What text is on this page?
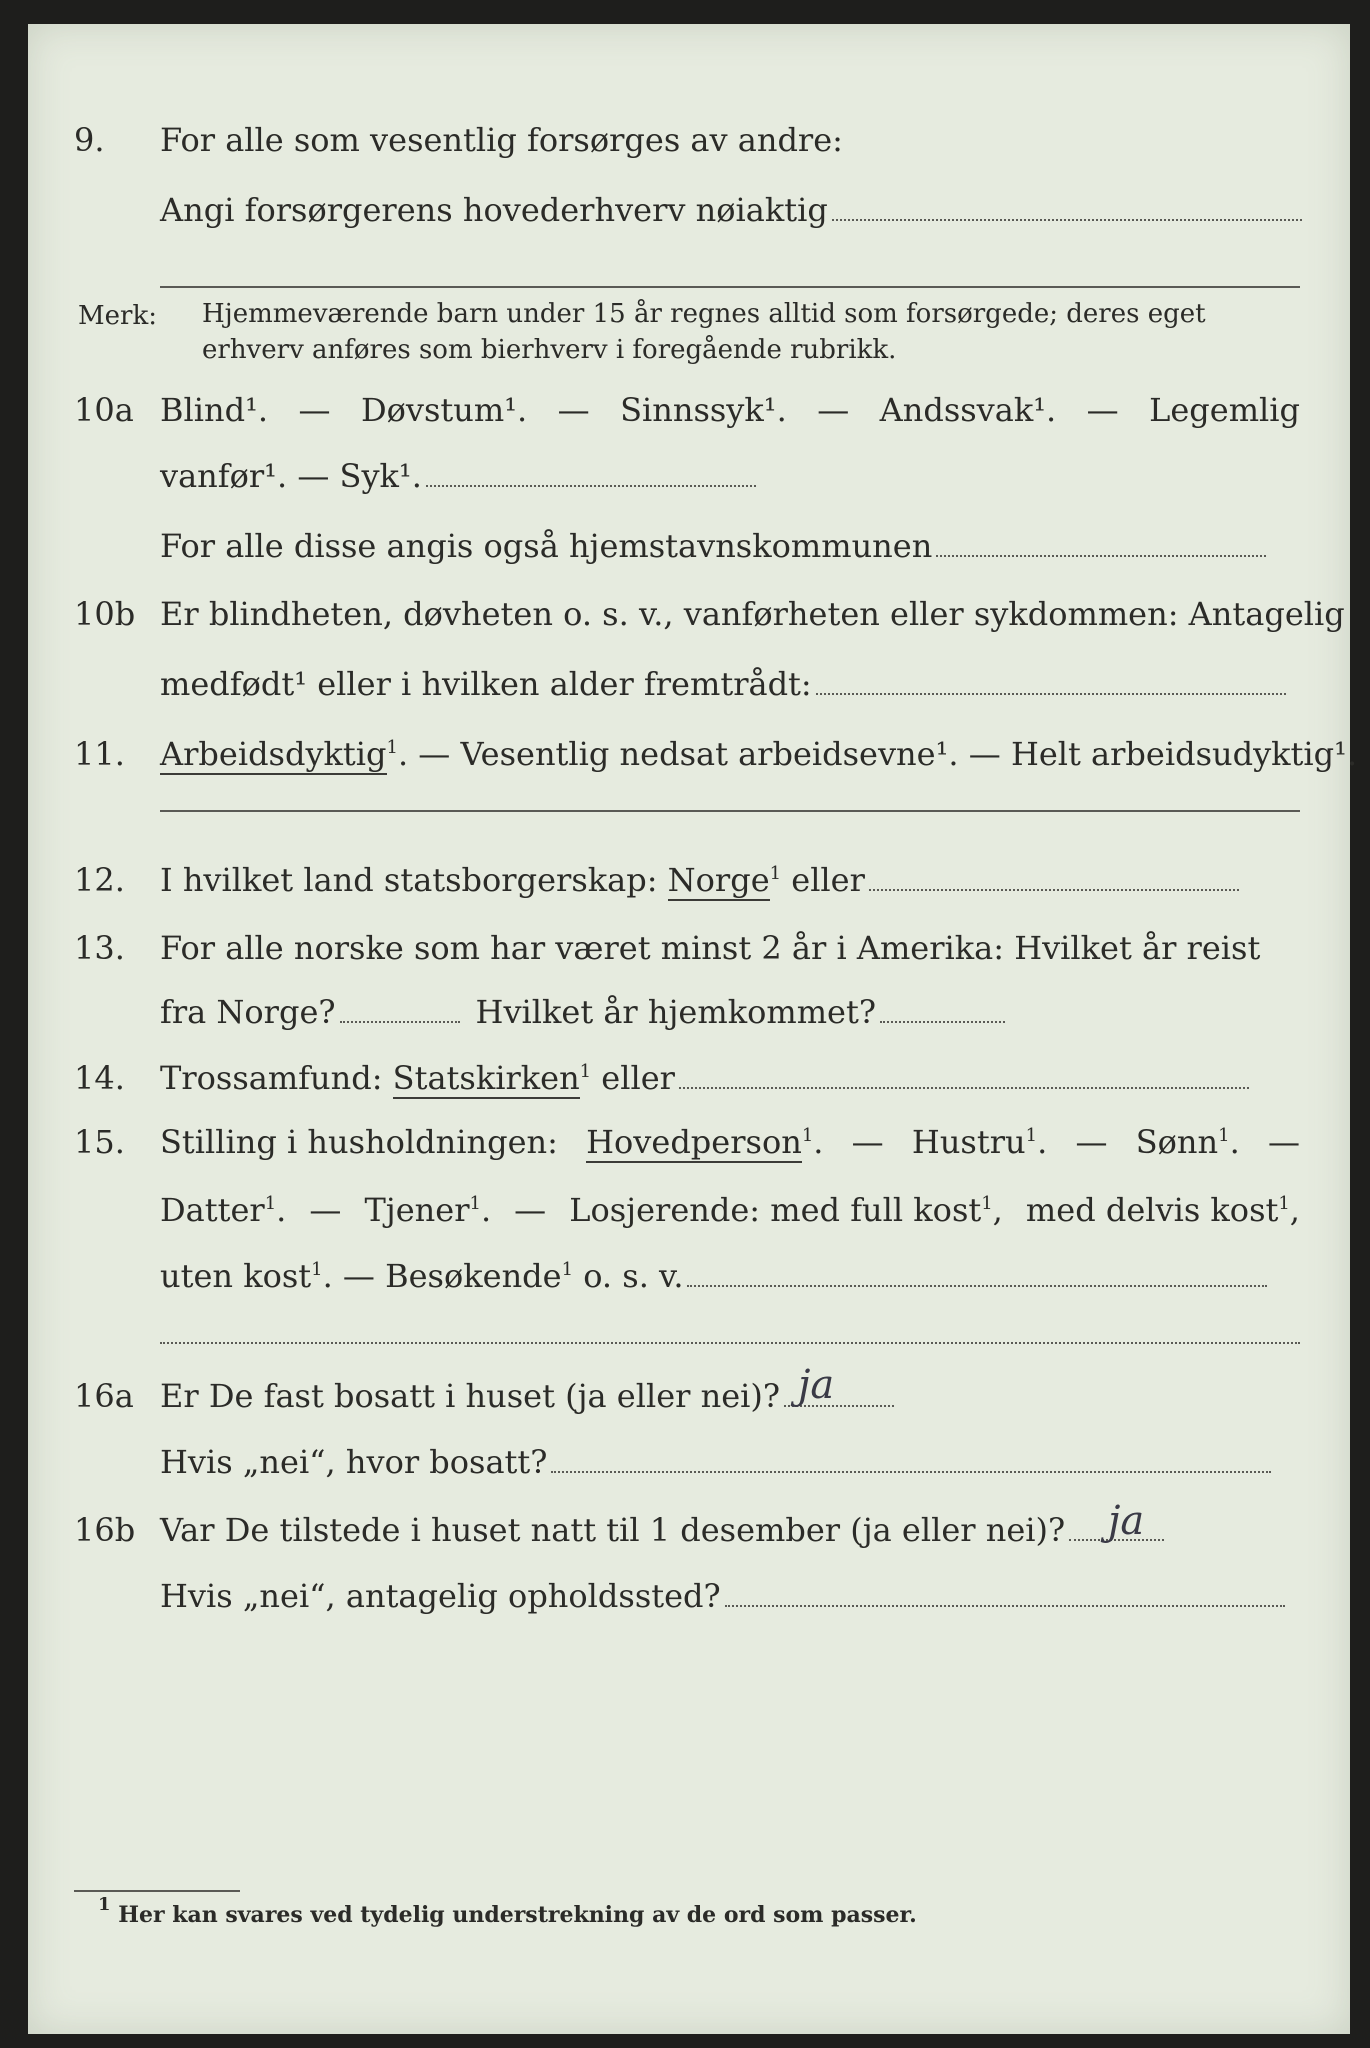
9.	For alle som vesentlig forsørges av andre:
Angi forsørgerens hovederhverv nøiaktig
Merk: Hjemmeværende barn under 15 år regnes alltid som forsørgede; deres eget erhverv anføres som bierhverv i foregående rubrikk.
10a Blind¹. — Døvstum¹. — Sinnssyk¹. — Andssvak¹. — Legemlig
vanfør¹. — Syk¹.
For alle disse angis også hjemstavnskommunen
10b Er blindheten, døvheten o. s. v., vanførheten eller sykdommen: Antagelig
medfødt¹ eller i hvilken alder fremtrådt:
11.	Arbeidsdyktig$^1$. — Vesentlig nedsat arbeidsevne¹. — Helt arbeidsudyktig¹.
12.	I hvilket land statsborgerskap: Norge$^1$ eller
13.	For alle norske som har været minst 2 år i Amerika: Hvilket år reist
fra Norge?	Hvilket år hjemkommet?
14.	Trossamfund: Statskirken$^1$ eller
15.	Stilling i husholdningen: Hovedperson$^1$. — Hustru$^1$. — Sønn$^1$. —
Datter$^1$. — Tjener$^1$. — Losjerende: med full kost$^1$, med delvis kost$^1$,
uten kost$^1$. — Besøkende$^1$ o. s. v.
16a Er De fast bosatt i huset (ja eller nei)? ja
Hvis „nei“, hvor bosatt?
16b Var De tilstede i huset natt til 1 desember (ja eller nei)?	ja
Hvis „nei“, antagelig opholdssted?
$^1$ Her kan svares ved tydelig understrekning av de ord som passer.
